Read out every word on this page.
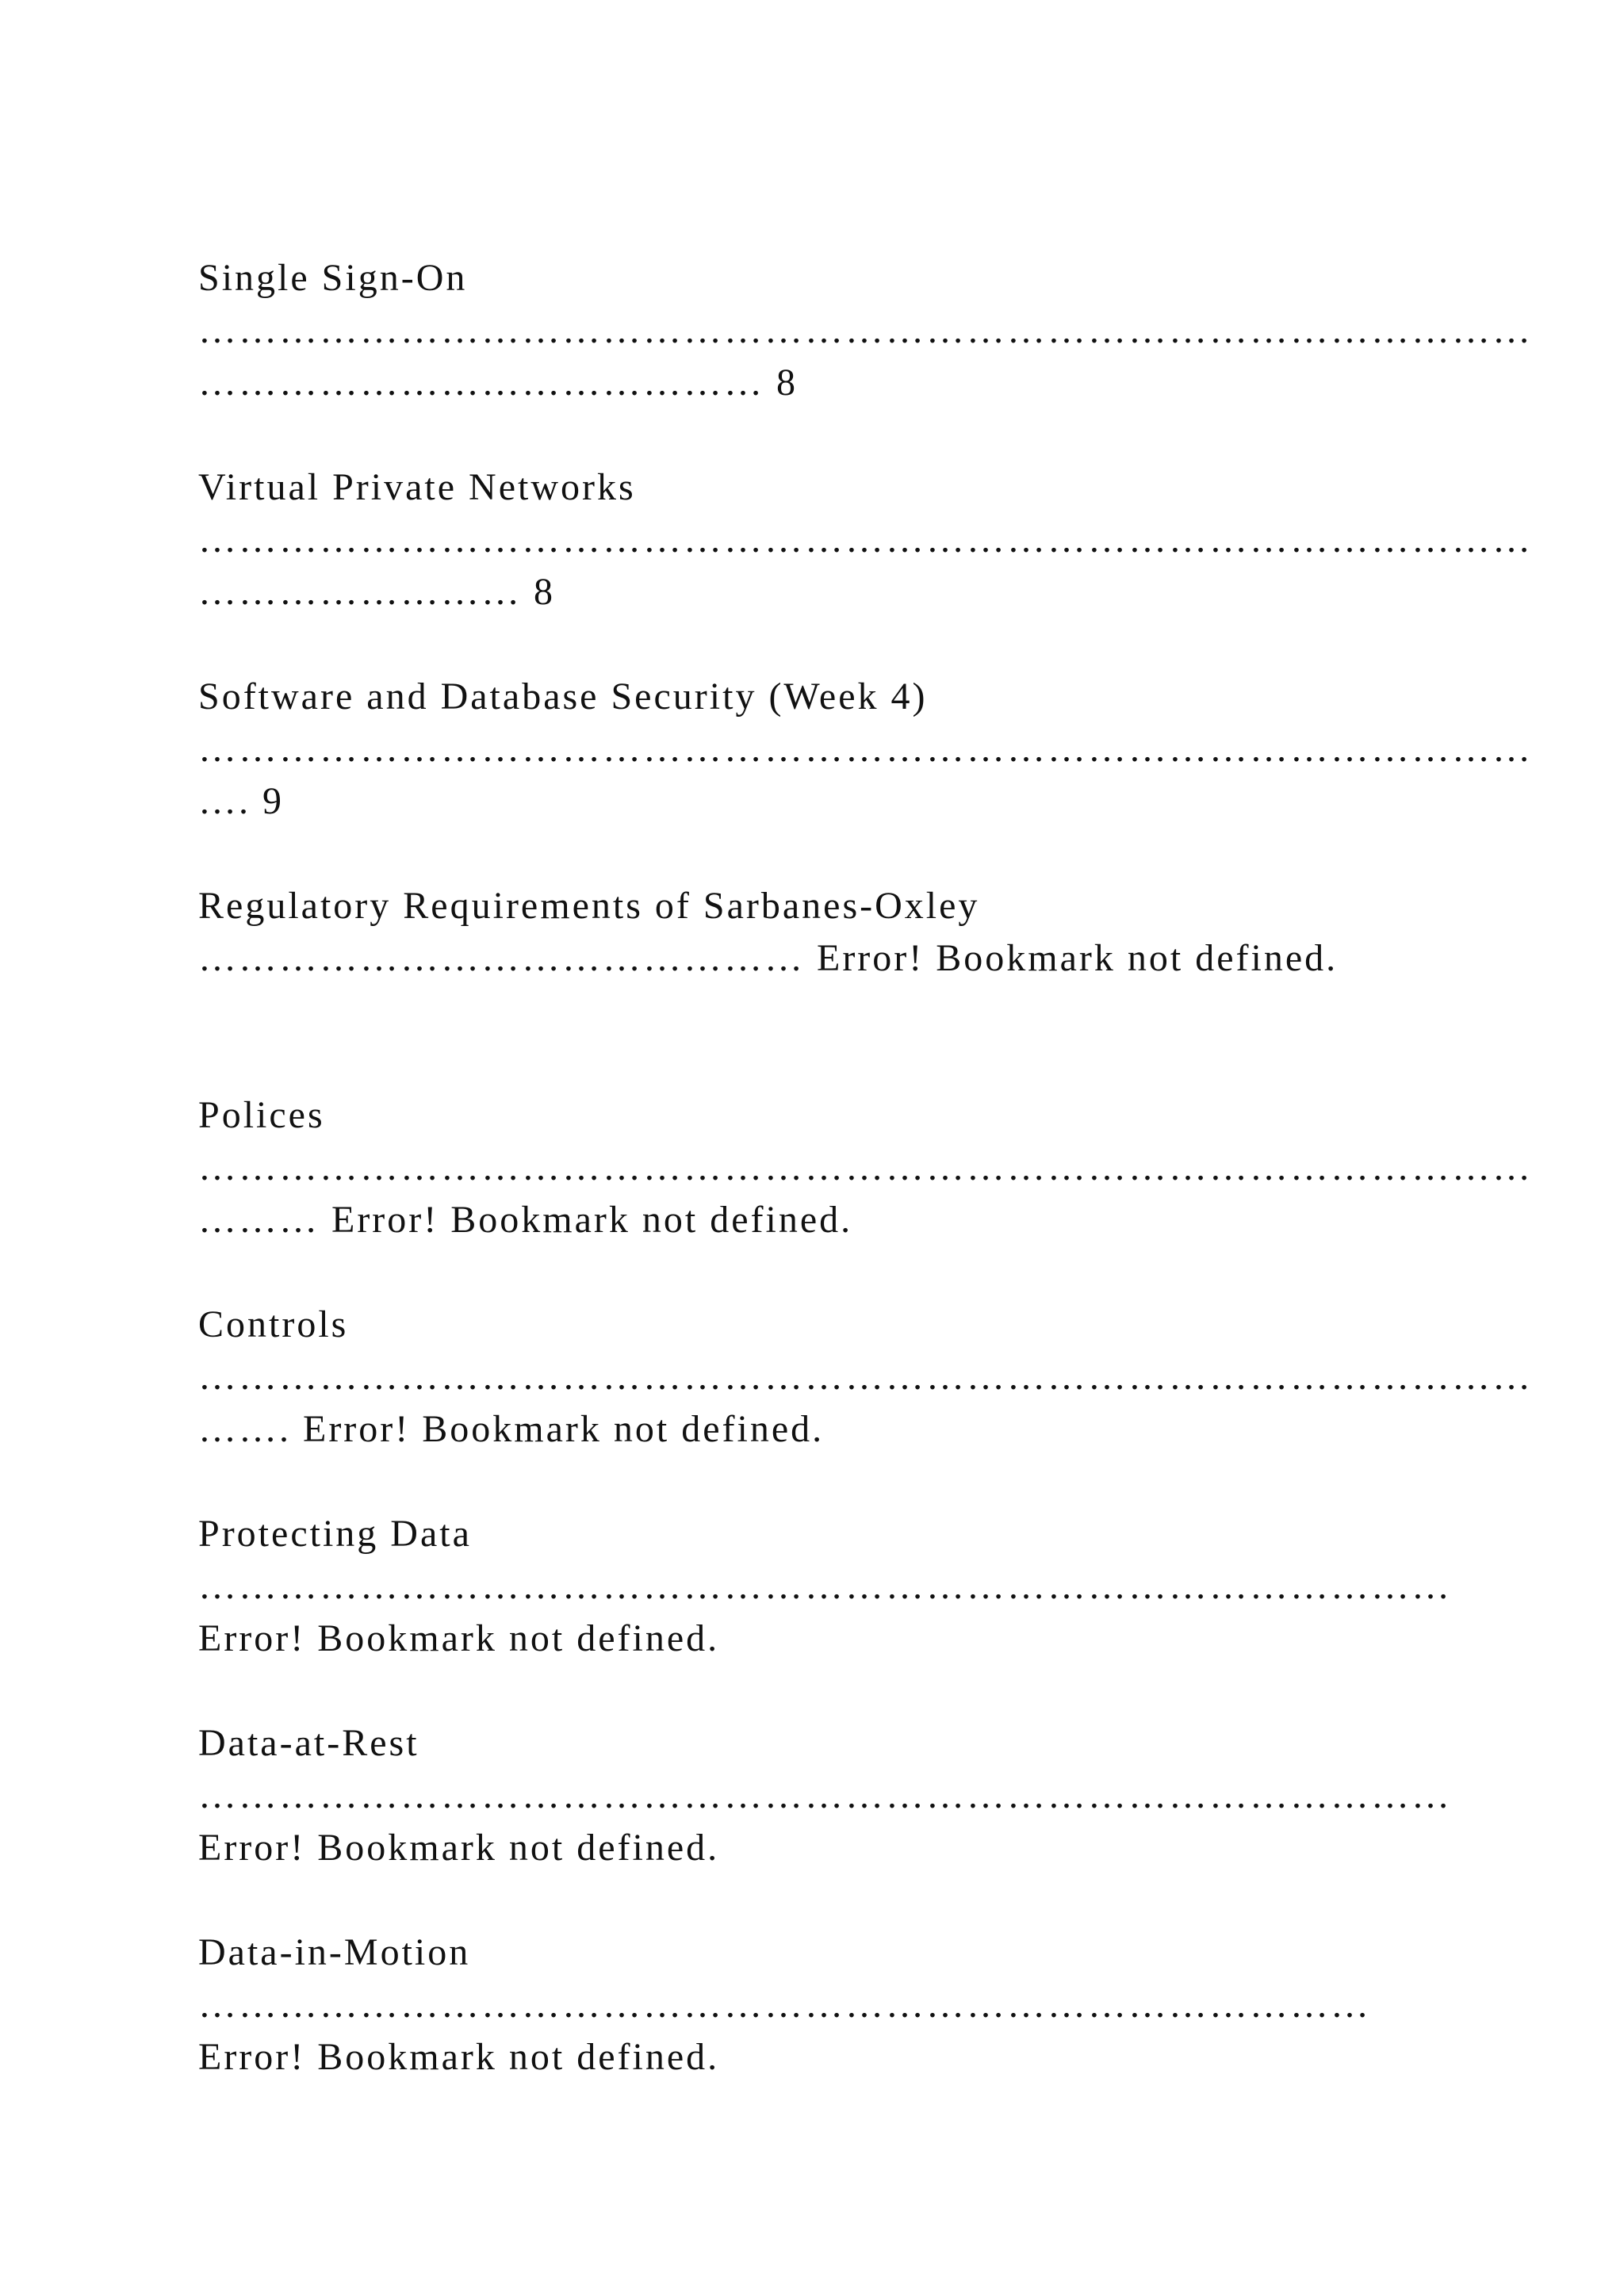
Single Sign-On
………………………………………………………………………………………
…………………………………… 8
Virtual Private Networks
………………………………………………………………………………………
…………………… 8
Software and Database Security (Week 4)
………………………………………………………………………………………
…. 9
Regulatory Requirements of Sarbanes-Oxley
……………………………………… Error! Bookmark not defined.
Polices
………………………………………………………………………………………
……… Error! Bookmark not defined.
Controls
………………………………………………………………………………………
……. Error! Bookmark not defined.
Protecting Data
…………………………………………………………………………………
Error! Bookmark not defined.
Data-at-Rest
…………………………………………………………………………………
Error! Bookmark not defined.
Data-in-Motion
……………………………………………………………………………
Error! Bookmark not defined.
